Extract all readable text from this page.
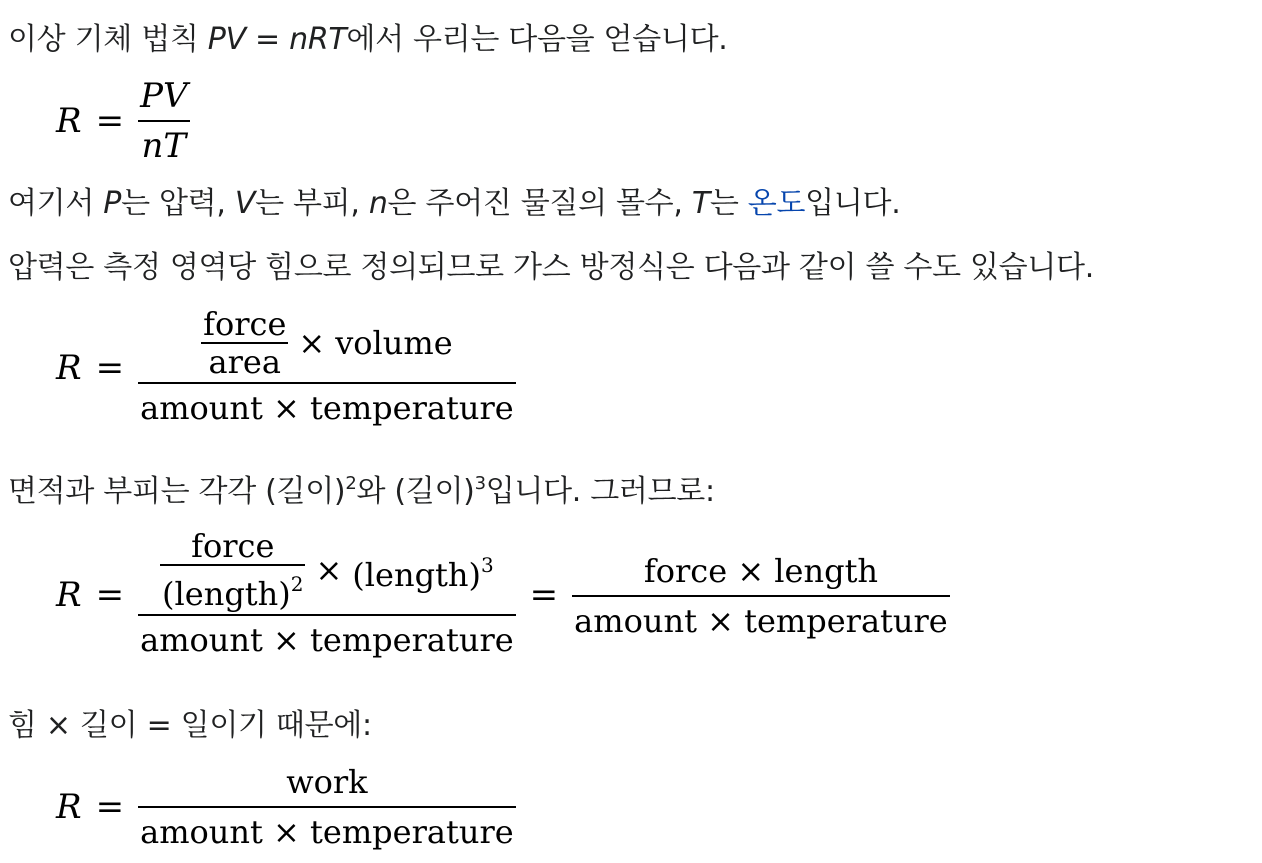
이상 기체 법칙 PV = nRT에서 우리는 다음을 얻습니다.
$R = \frac{PV}{nT}$
여기서 P는 압력, V는 부피, n은 주어진 물질의 몰수, T는 온도입니다.
압력은 측정 영역당 힘으로 정의되므로 가스 방정식은 다음과 같이 쓸 수도 있습니다.
$R = \frac{\text{force}}{\text{area}}$ × volume
amount × temperature
면적과 부피는 각각 (길이)$^2$와 (길이)$^3$입니다. 그러므로:
$R = \frac{\text{force}}{(length)^2}$ × (length)$^3$
amount × temperature
= $\frac{\text{force × length}}{\text{amount × temperature}}$
힘 × 길이 = 일이기 때문에:
$R = \frac{\text{work}}{\text{amount × temperature}}$
